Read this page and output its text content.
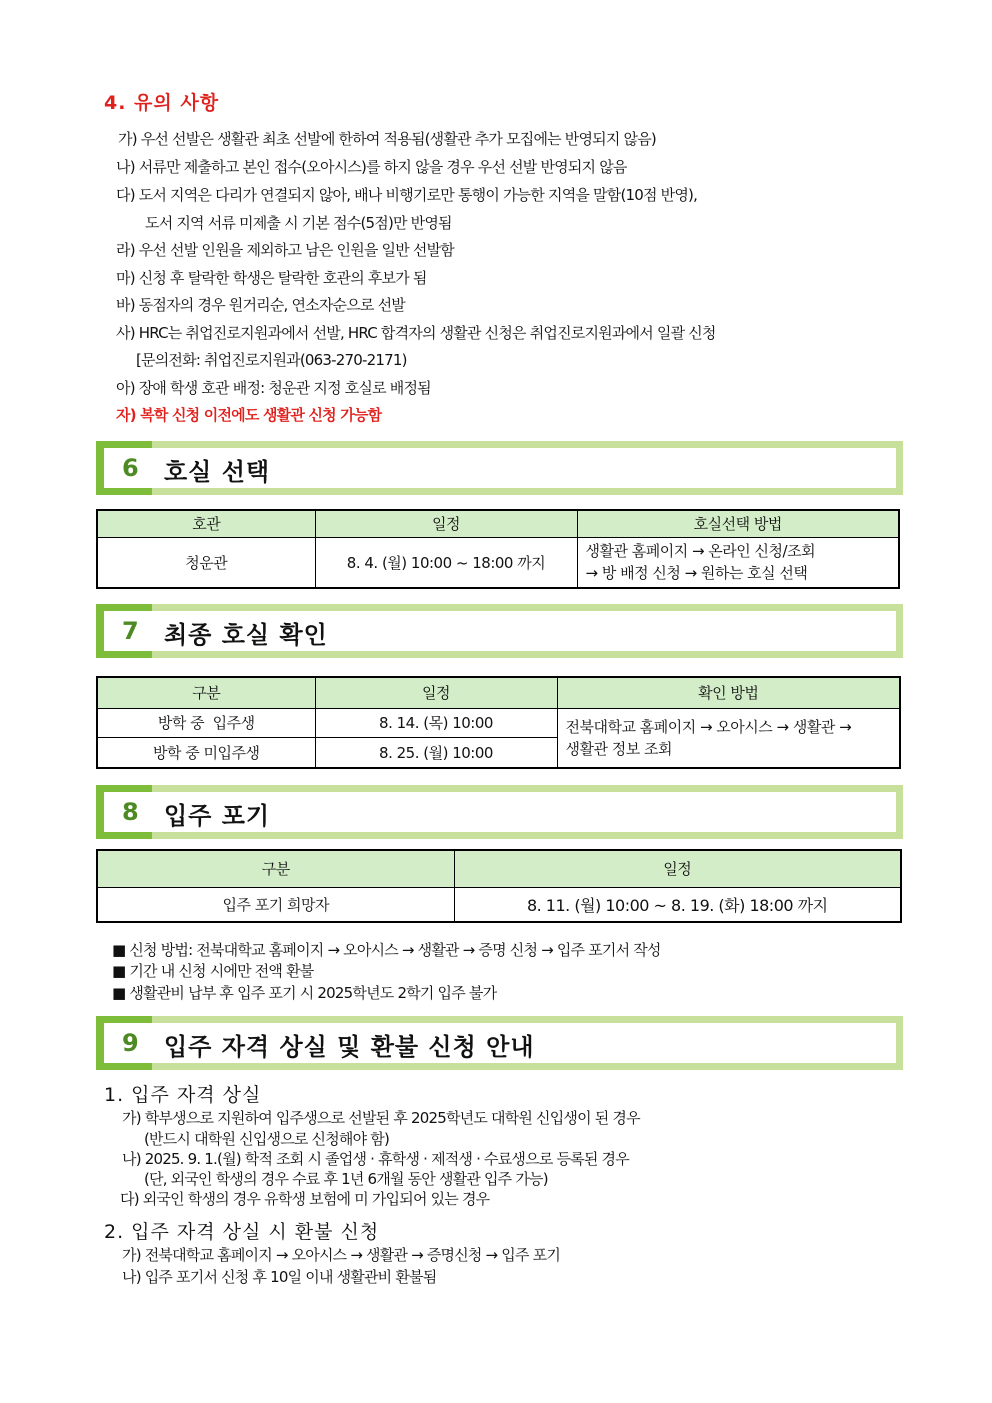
4. 유의 사항
가) 우선 선발은 생활관 최초 선발에 한하여 적용됨(생활관 추가 모집에는 반영되지 않음)
나) 서류만 제출하고 본인 접수(오아시스)를 하지 않을 경우 우선 선발 반영되지 않음
다) 도서 지역은 다리가 연결되지 않아, 배나 비행기로만 통행이 가능한 지역을 말함(10점 반영),
도서 지역 서류 미제출 시 기본 점수(5점)만 반영됨
라) 우선 선발 인원을 제외하고 남은 인원을 일반 선발함
마) 신청 후 탈락한 학생은 탈락한 호관의 후보가 됨
바) 동점자의 경우 원거리순, 연소자순으로 선발
사) HRC는 취업진로지원과에서 선발, HRC 합격자의 생활관 신청은 취업진로지원과에서 일괄 신청
[문의전화: 취업진로지원과(063-270-2171)
아) 장애 학생 호관 배정: 청운관 지정 호실로 배정됨
자) 복학 신청 이전에도 생활관 신청 가능함
6 호실 선택
호관	일정	호실선택 방법
청운관	8. 4. (월) 10:00 ~ 18:00 까지	생활관 홈페이지 → 온라인 신청/조회
→ 방 배정 신청 → 원하는 호실 선택
7 최종 호실 확인
구분	일정	확인 방법
방학 중  입주생	8. 14. (목) 10:00	전북대학교 홈페이지 → 오아시스 → 생활관 →
생활관 정보 조회

방학 중 미입주생	8. 25. (월) 10:00	
8 입주 포기
구분	일정
입주 포기 희망자	8. 11. (월) 10:00 ~ 8. 19. (화) 18:00 까지
■ 신청 방법: 전북대학교 홈페이지 → 오아시스 → 생활관 → 증명 신청 → 입주 포기서 작성
■ 기간 내 신청 시에만 전액 환불
■ 생활관비 납부 후 입주 포기 시 2025학년도 2학기 입주 불가
9 입주 자격 상실 및 환불 신청 안내
1. 입주 자격 상실
가) 학부생으로 지원하여 입주생으로 선발된 후 2025학년도 대학원 신입생이 된 경우
(반드시 대학원 신입생으로 신청해야 함)
나) 2025. 9. 1.(월) 학적 조회 시 졸업생 · 휴학생 · 제적생 · 수료생으로 등록된 경우
(단, 외국인 학생의 경우 수료 후 1년 6개월 동안 생활관 입주 가능)
다) 외국인 학생의 경우 유학생 보험에 미 가입되어 있는 경우
2. 입주 자격 상실 시 환불 신청
가) 전북대학교 홈페이지 → 오아시스 → 생활관 → 증명신청 → 입주 포기
나) 입주 포기서 신청 후 10일 이내 생활관비 환불됨
